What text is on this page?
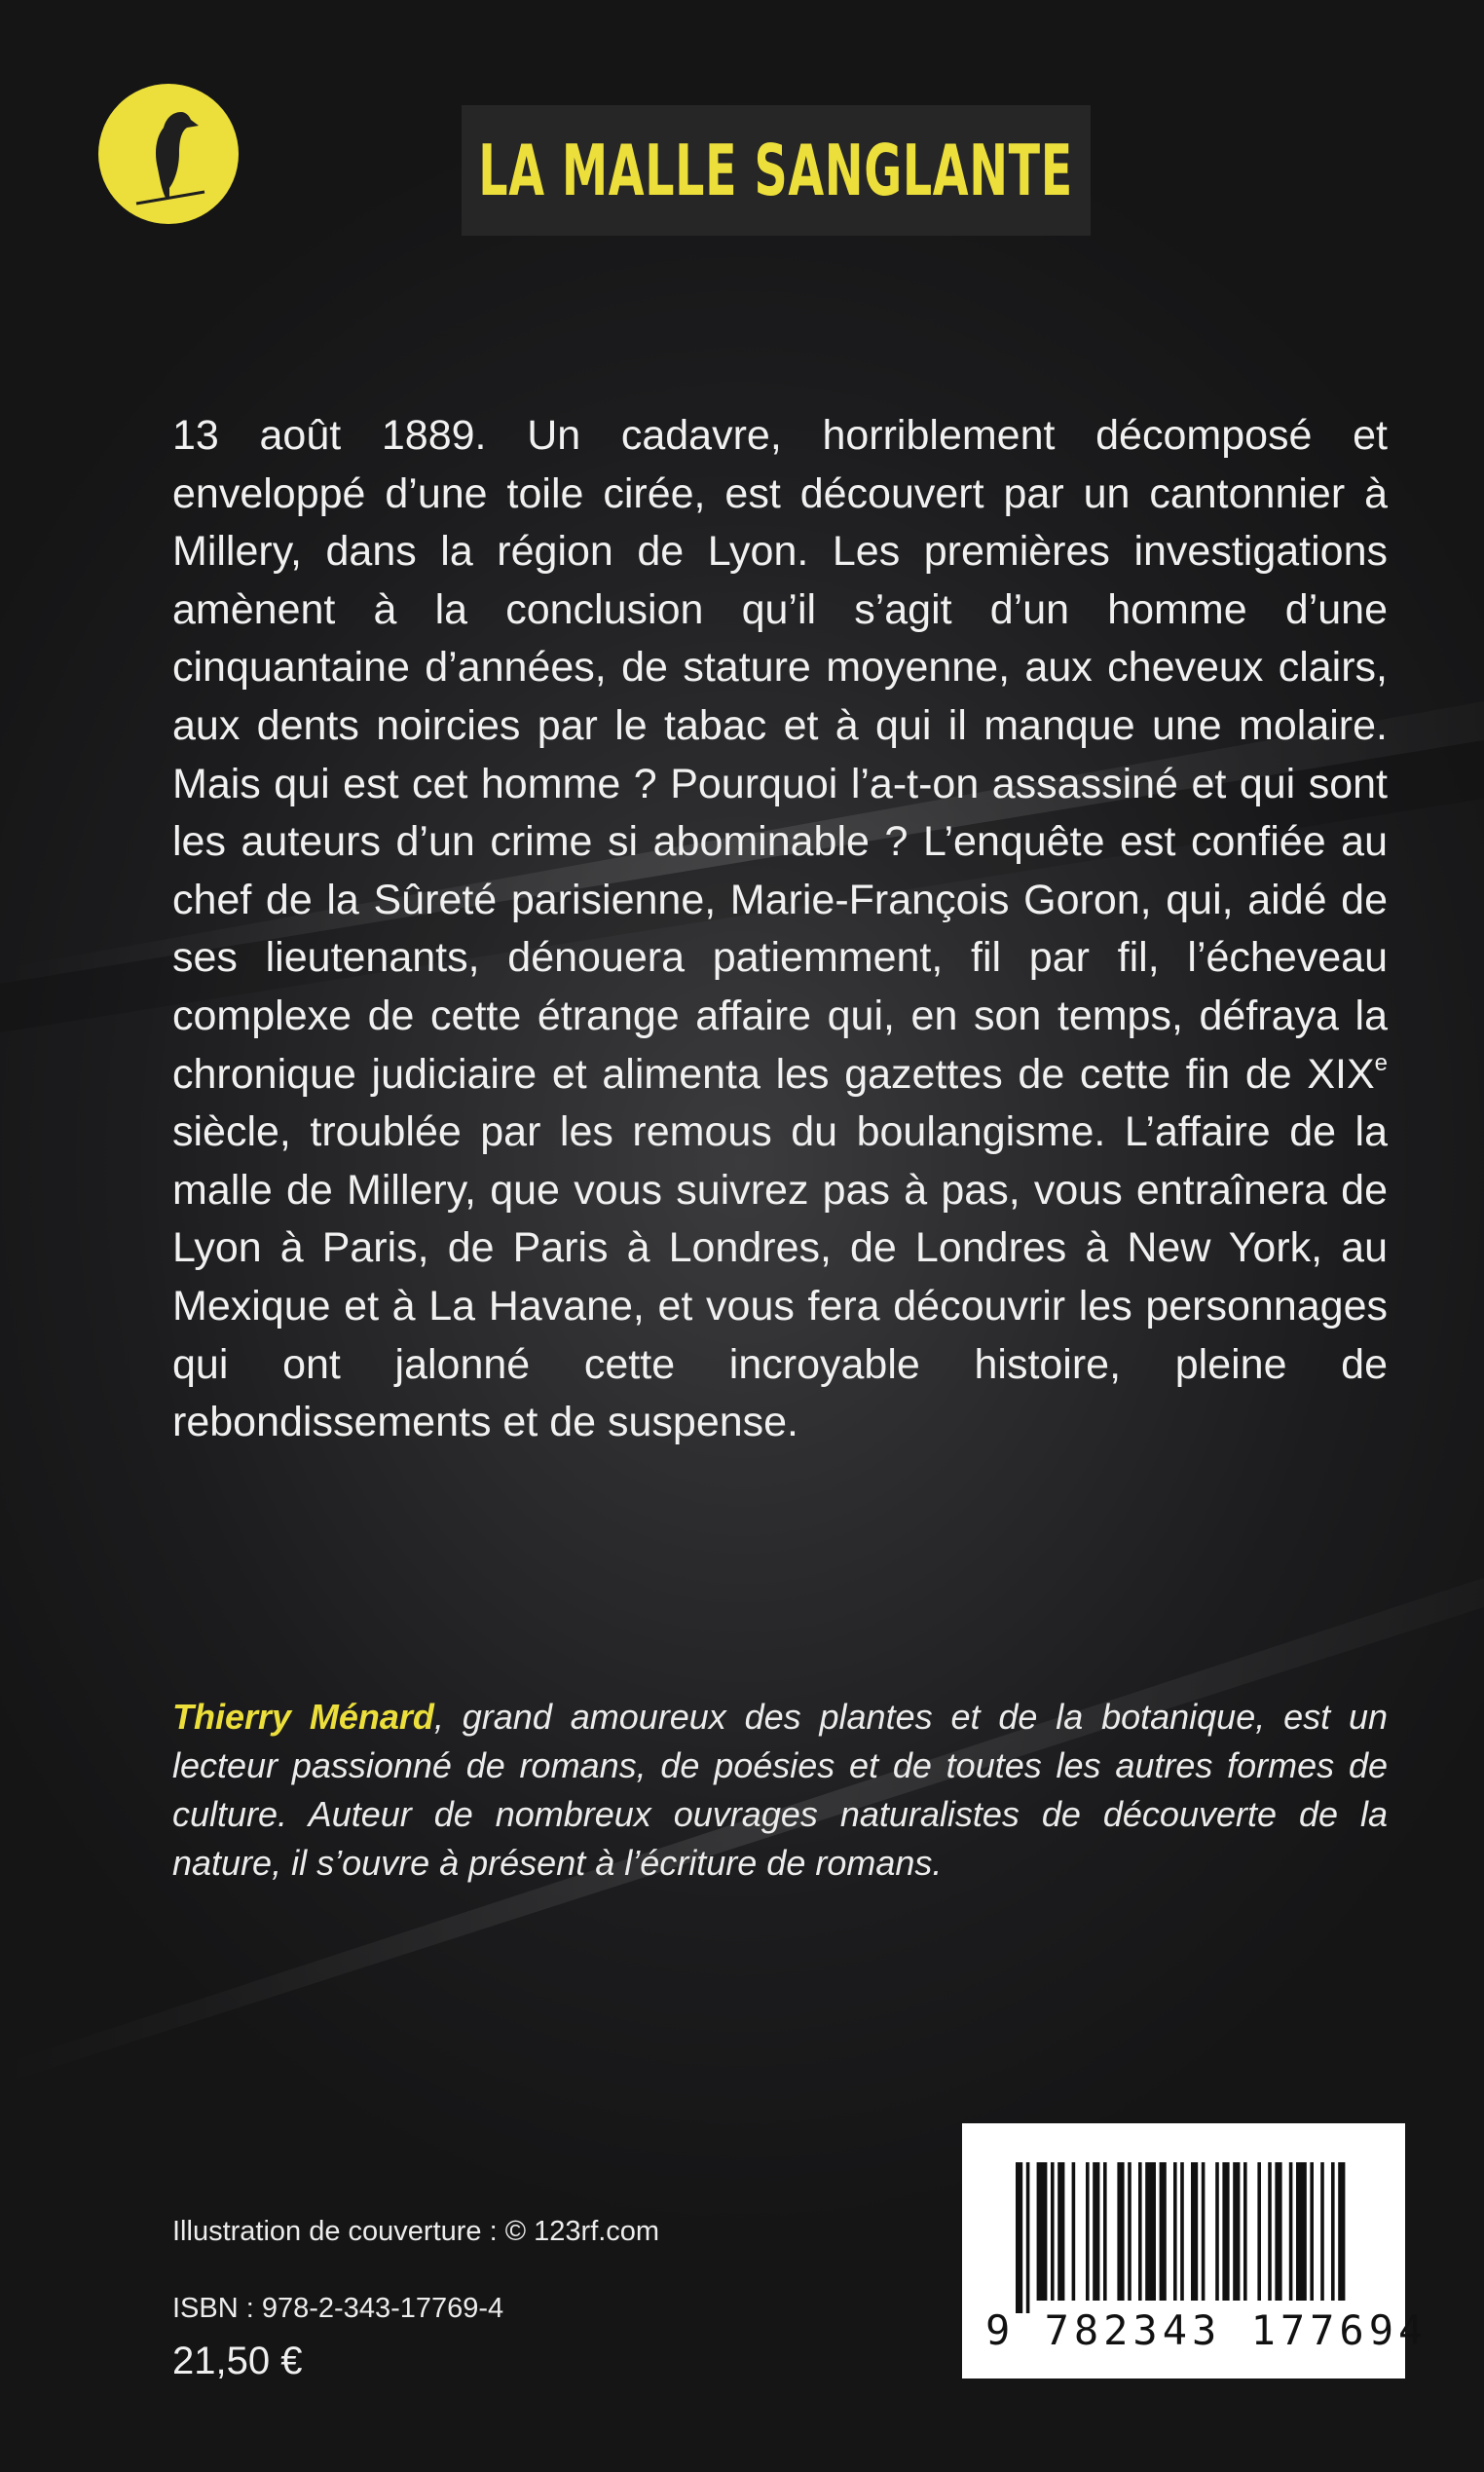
LA MALLE SANGLANTE

13 août 1889. Un cadavre, horriblement décomposé et enveloppé d’une toile cirée, est découvert par un cantonnier à Millery, dans la région de Lyon. Les premières investigations amènent à la conclusion qu’il s’agit d’un homme d’une cinquantaine d’années, de stature moyenne, aux cheveux clairs, aux dents noircies par le tabac et à qui il manque une molaire. Mais qui est cet homme ? Pourquoi l’a-t-on assassiné et qui sont les auteurs d’un crime si abominable ? L’enquête est confiée au chef de la Sûreté parisienne, Marie-François Goron, qui, aidé de ses lieutenants, dénouera patiemment, fil par fil, l’écheveau complexe de cette étrange affaire qui, en son temps, défraya la chronique judiciaire et alimenta les gazettes de cette fin de XIXe siècle, troublée par les remous du boulangisme. L’affaire de la malle de Millery, que vous suivrez pas à pas, vous entraînera de Lyon à Paris, de Paris à Londres, de Londres à New York, au Mexique et à La Havane, et vous fera découvrir les personnages qui ont jalonné cette incroyable histoire, pleine de rebondissements et de suspense.

Thierry Ménard, grand amoureux des plantes et de la botanique, est un lecteur passionné de romans, de poésies et de toutes les autres formes de culture. Auteur de nombreux ouvrages naturalistes de découverte de la nature, il s’ouvre à présent à l’écriture de romans.

Illustration de couverture : © 123rf.com
ISBN : 978-2-343-17769-4
21,50 €
9 782343 177694
